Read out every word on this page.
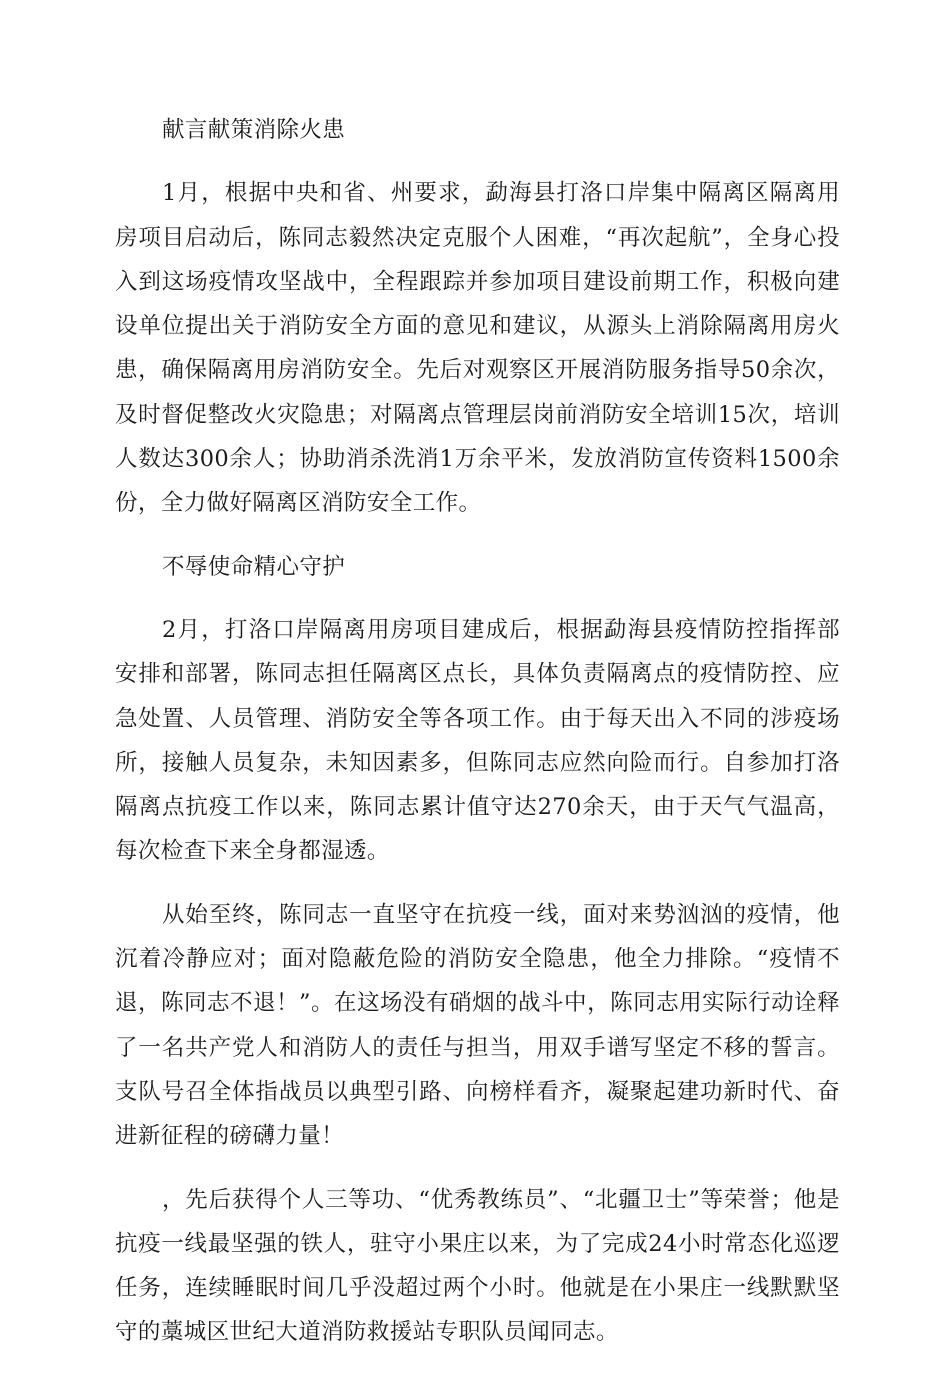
献言献策消除火患

1月，根据中央和省、州要求，勐海县打洛口岸集中隔离区隔离用房项目启动后，陈同志毅然决定克服个人困难，“再次起航”，全身心投入到这场疫情攻坚战中，全程跟踪并参加项目建设前期工作，积极向建设单位提出关于消防安全方面的意见和建议，从源头上消除隔离用房火患，确保隔离用房消防安全。先后对观察区开展消防服务指导50余次，及时督促整改火灾隐患；对隔离点管理层岗前消防安全培训15次，培训人数达300余人；协助消杀洗消1万余平米，发放消防宣传资料1500余份，全力做好隔离区消防安全工作。

不辱使命精心守护

2月，打洛口岸隔离用房项目建成后，根据勐海县疫情防控指挥部安排和部署，陈同志担任隔离区点长，具体负责隔离点的疫情防控、应急处置、人员管理、消防安全等各项工作。由于每天出入不同的涉疫场所，接触人员复杂，未知因素多，但陈同志应然向险而行。自参加打洛隔离点抗疫工作以来，陈同志累计值守达270余天，由于天气气温高，每次检查下来全身都湿透。

从始至终，陈同志一直坚守在抗疫一线，面对来势汹汹的疫情，他沉着冷静应对；面对隐蔽危险的消防安全隐患，他全力排除。“疫情不退，陈同志不退！”。在这场没有硝烟的战斗中，陈同志用实际行动诠释了一名共产党人和消防人的责任与担当，用双手谱写坚定不移的誓言。支队号召全体指战员以典型引路、向榜样看齐，凝聚起建功新时代、奋进新征程的磅礴力量！

，先后获得个人三等功、“优秀教练员”、“北疆卫士”等荣誉；他是抗疫一线最坚强的铁人，驻守小果庄以来，为了完成24小时常态化巡逻任务，连续睡眠时间几乎没超过两个小时。他就是在小果庄一线默默坚守的藁城区世纪大道消防救援站专职队员闻同志。
